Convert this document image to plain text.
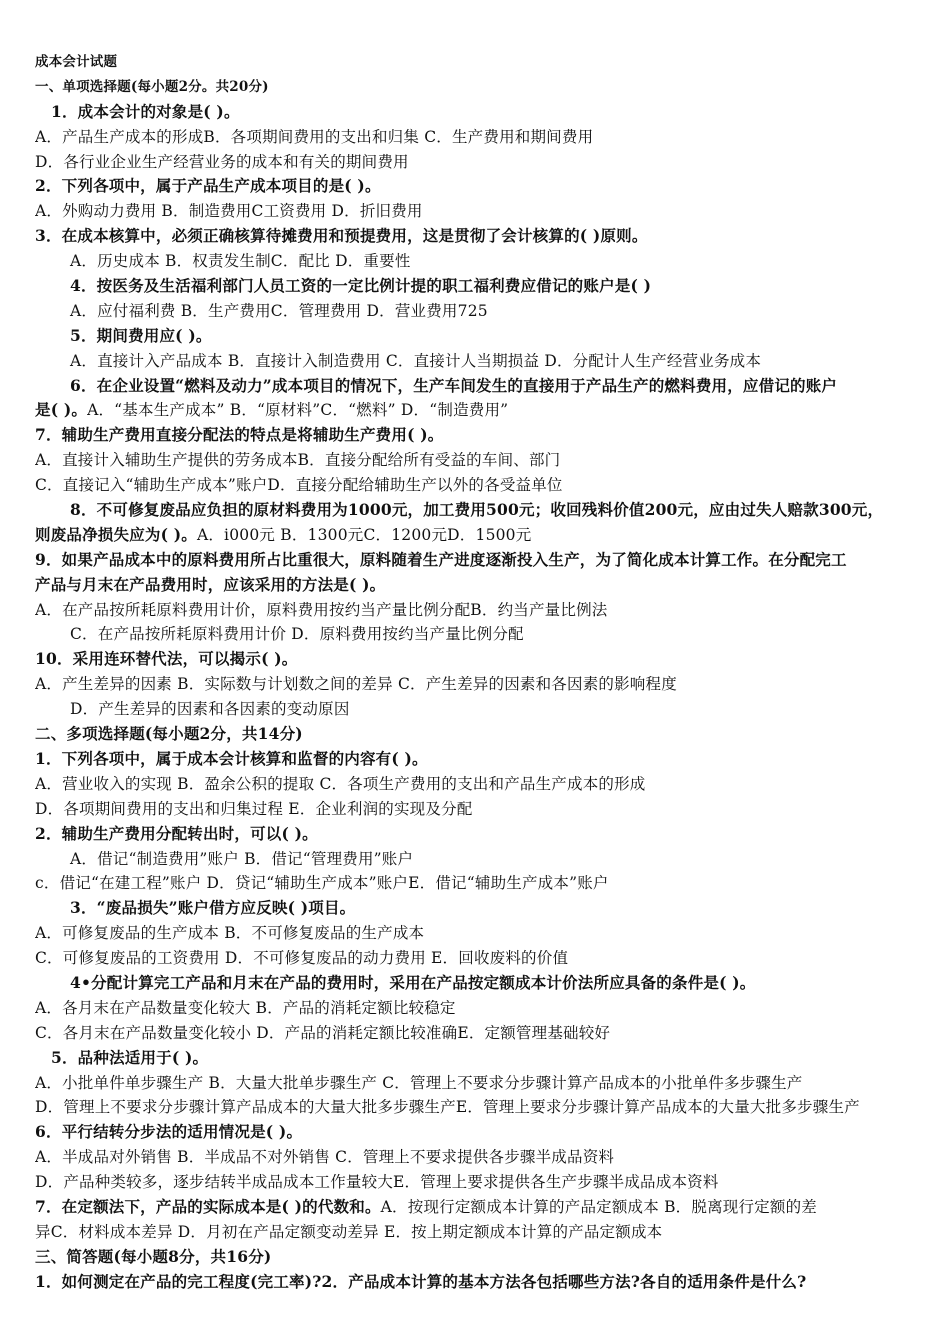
成本会计试题
一、单项选择题(每小题2分。共20分)
1．成本会计的对象是( )。
A．产品生产成本的形成B．各项期间费用的支出和归集 C．生产费用和期间费用
D．各行业企业生产经营业务的成本和有关的期间费用
2．下列各项中，属于产品生产成本项目的是( )。
A．外购动力费用 B．制造费用C工资费用 D．折旧费用
3．在成本核算中，必须正确核算待摊费用和预提费用，这是贯彻了会计核算的( )原则。
A．历史成本 B．权责发生制C．配比 D．重要性
4．按医务及生活福利部门人员工资的一定比例计提的职工福利费应借记的账户是( )
A．应付福利费 B．生产费用C．管理费用 D．营业费用725
5．期间费用应( )。
A．直接计入产品成本 B．直接计入制造费用 C．直接计人当期损益 D．分配计人生产经营业务成本
6．在企业设置“燃料及动力”成本项目的情况下，生产车间发生的直接用于产品生产的燃料费用，应借记的账户
是( )。A．“基本生产成本” B．“原材料”C．“燃料” D．“制造费用”
7．辅助生产费用直接分配法的特点是将辅助生产费用( )。
A．直接计入辅助生产提供的劳务成本B．直接分配给所有受益的车间、部门
C．直接记入“辅助生产成本”账户D．直接分配给辅助生产以外的各受益单位
8．不可修复废品应负担的原材料费用为1000元，加工费用500元；收回残料价值200元，应由过失人赔款300元，
则废品净损失应为( )。A．i000元 B．1300元C．1200元D．1500元
9．如果产品成本中的原料费用所占比重很大，原料随着生产进度逐渐投入生产，为了简化成本计算工作。在分配完工
产品与月末在产品费用时，应该采用的方法是( )。
A．在产品按所耗原料费用计价，原料费用按约当产量比例分配B．约当产量比例法
C．在产品按所耗原料费用计价 D．原料费用按约当产量比例分配
10．采用连环替代法，可以揭示( )。
A．产生差异的因素 B．实际数与计划数之间的差异 C．产生差异的因素和各因素的影响程度
D．产生差异的因素和各因素的变动原因
二、多项选择题(每小题2分，共14分)
1．下列各项中，属于成本会计核算和监督的内容有( )。
A．营业收入的实现 B．盈余公积的提取 C．各项生产费用的支出和产品生产成本的形成
D．各项期间费用的支出和归集过程 E．企业利润的实现及分配
2．辅助生产费用分配转出时，可以( )。
A．借记“制造费用”账户 B．借记“管理费用”账户
c．借记“在建工程”账户 D．贷记“辅助生产成本”账户E．借记“辅助生产成本”账户
3．“废品损失”账户借方应反映( )项目。
A．可修复废品的生产成本 B．不可修复废品的生产成本
C．可修复废品的工资费用 D．不可修复废品的动力费用 E．回收废料的价值
4•分配计算完工产品和月末在产品的费用时，采用在产品按定额成本计价法所应具备的条件是( )。
A．各月末在产品数量变化较大 B．产品的消耗定额比较稳定
C．各月末在产品数量变化较小 D．产品的消耗定额比较准确E．定额管理基础较好
5．品种法适用于( )。
A．小批单件单步骤生产 B．大量大批单步骤生产 C．管理上不要求分步骤计算产品成本的小批单件多步骤生产
D．管理上不要求分步骤计算产品成本的大量大批多步骤生产E．管理上要求分步骤计算产品成本的大量大批多步骤生产
6．平行结转分步法的适用情况是( )。
A．半成品对外销售 B．半成品不对外销售 C．管理上不要求提供各步骤半成品资料
D．产品种类较多，逐步结转半成品成本工作量较大E．管理上要求提供各生产步骤半成品成本资料
7．在定额法下，产品的实际成本是( )的代数和。A．按现行定额成本计算的产品定额成本 B．脱离现行定额的差
异C．材料成本差异 D．月初在产品定额变动差异 E．按上期定额成本计算的产品定额成本
三、简答题(每小题8分，共16分)
1．如何测定在产品的完工程度(完工率)?2．产品成本计算的基本方法各包括哪些方法?各自的适用条件是什么?
